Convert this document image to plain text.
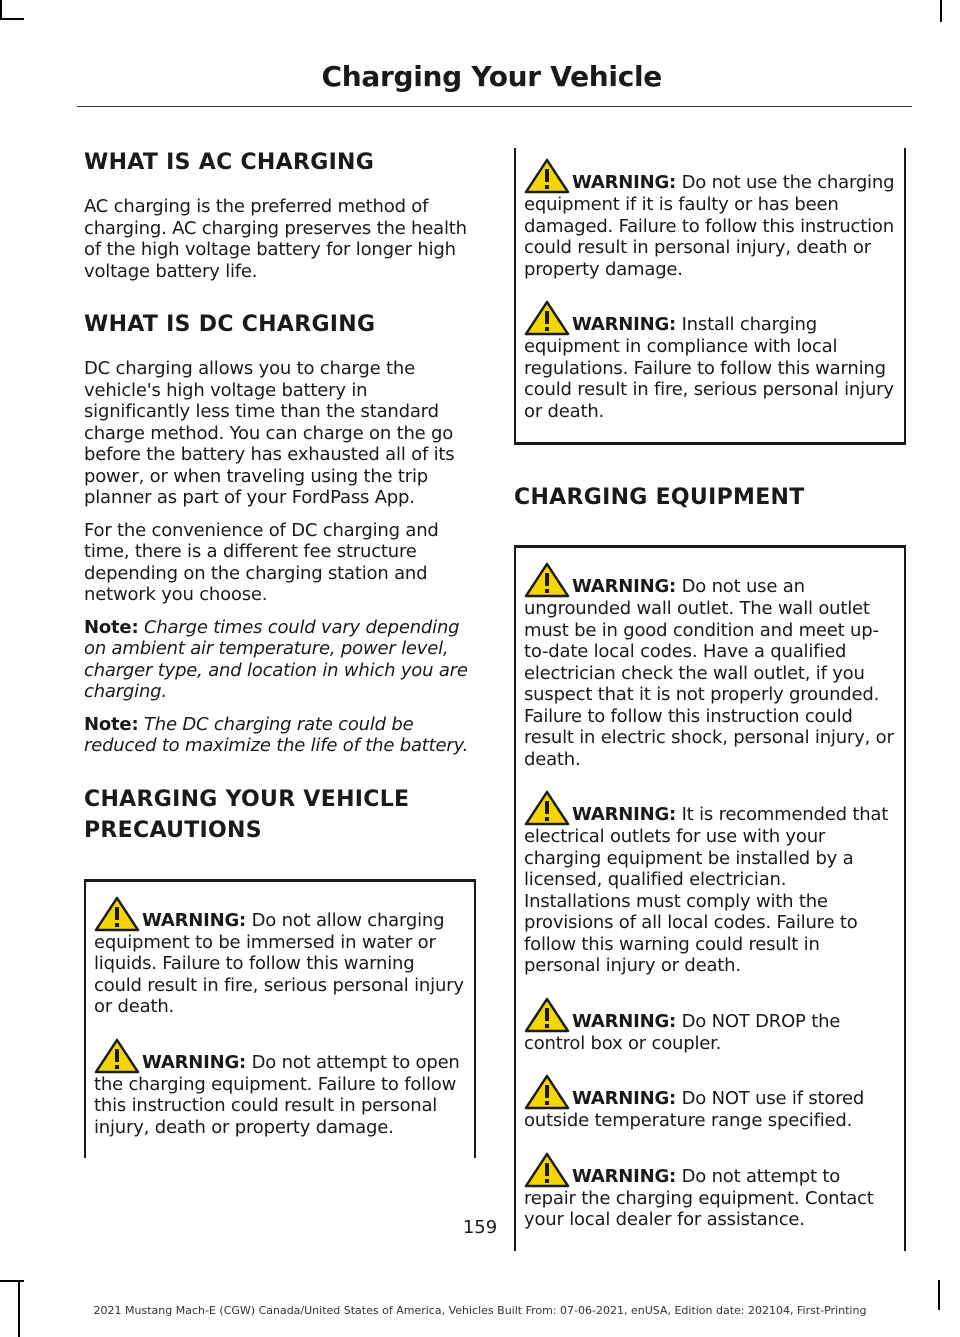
Charging Your Vehicle
WHAT IS AC CHARGING

AC charging is the preferred method of charging. AC charging preserves the health of the high voltage battery for longer high voltage battery life.

WHAT IS DC CHARGING

DC charging allows you to charge the vehicle's high voltage battery in significantly less time than the standard charge method. You can charge on the go before the battery has exhausted all of its power, or when traveling using the trip planner as part of your FordPass App.

For the convenience of DC charging and time, there is a different fee structure depending on the charging station and network you choose.

Note: Charge times could vary depending on ambient air temperature, power level, charger type, and location in which you are charging.

Note: The DC charging rate could be reduced to maximize the life of the battery.

CHARGING YOUR VEHICLE
PRECAUTIONS
WARNING: Do not allow charging equipment to be immersed in water or liquids. Failure to follow this warning could result in fire, serious personal injury or death.
WARNING: Do not attempt to open the charging equipment. Failure to follow this instruction could result in personal injury, death or property damage.
WARNING: Do not use the charging equipment if it is faulty or has been damaged. Failure to follow this instruction could result in personal injury, death or property damage.
WARNING: Install charging equipment in compliance with local regulations. Failure to follow this warning could result in fire, serious personal injury or death.
CHARGING EQUIPMENT
WARNING: Do not use an ungrounded wall outlet. The wall outlet must be in good condition and meet up-to-date local codes. Have a qualified electrician check the wall outlet, if you suspect that it is not properly grounded. Failure to follow this instruction could result in electric shock, personal injury, or death.
WARNING: It is recommended that electrical outlets for use with your charging equipment be installed by a licensed, qualified electrician. Installations must comply with the provisions of all local codes. Failure to follow this warning could result in personal injury or death.
WARNING: Do NOT DROP the control box or coupler.
WARNING: Do NOT use if stored outside temperature range specified.
WARNING: Do not attempt to repair the charging equipment. Contact your local dealer for assistance.
159
2021 Mustang Mach-E (CGW) Canada/United States of America, Vehicles Built From: 07-06-2021, enUSA, Edition date: 202104, First-Printing
